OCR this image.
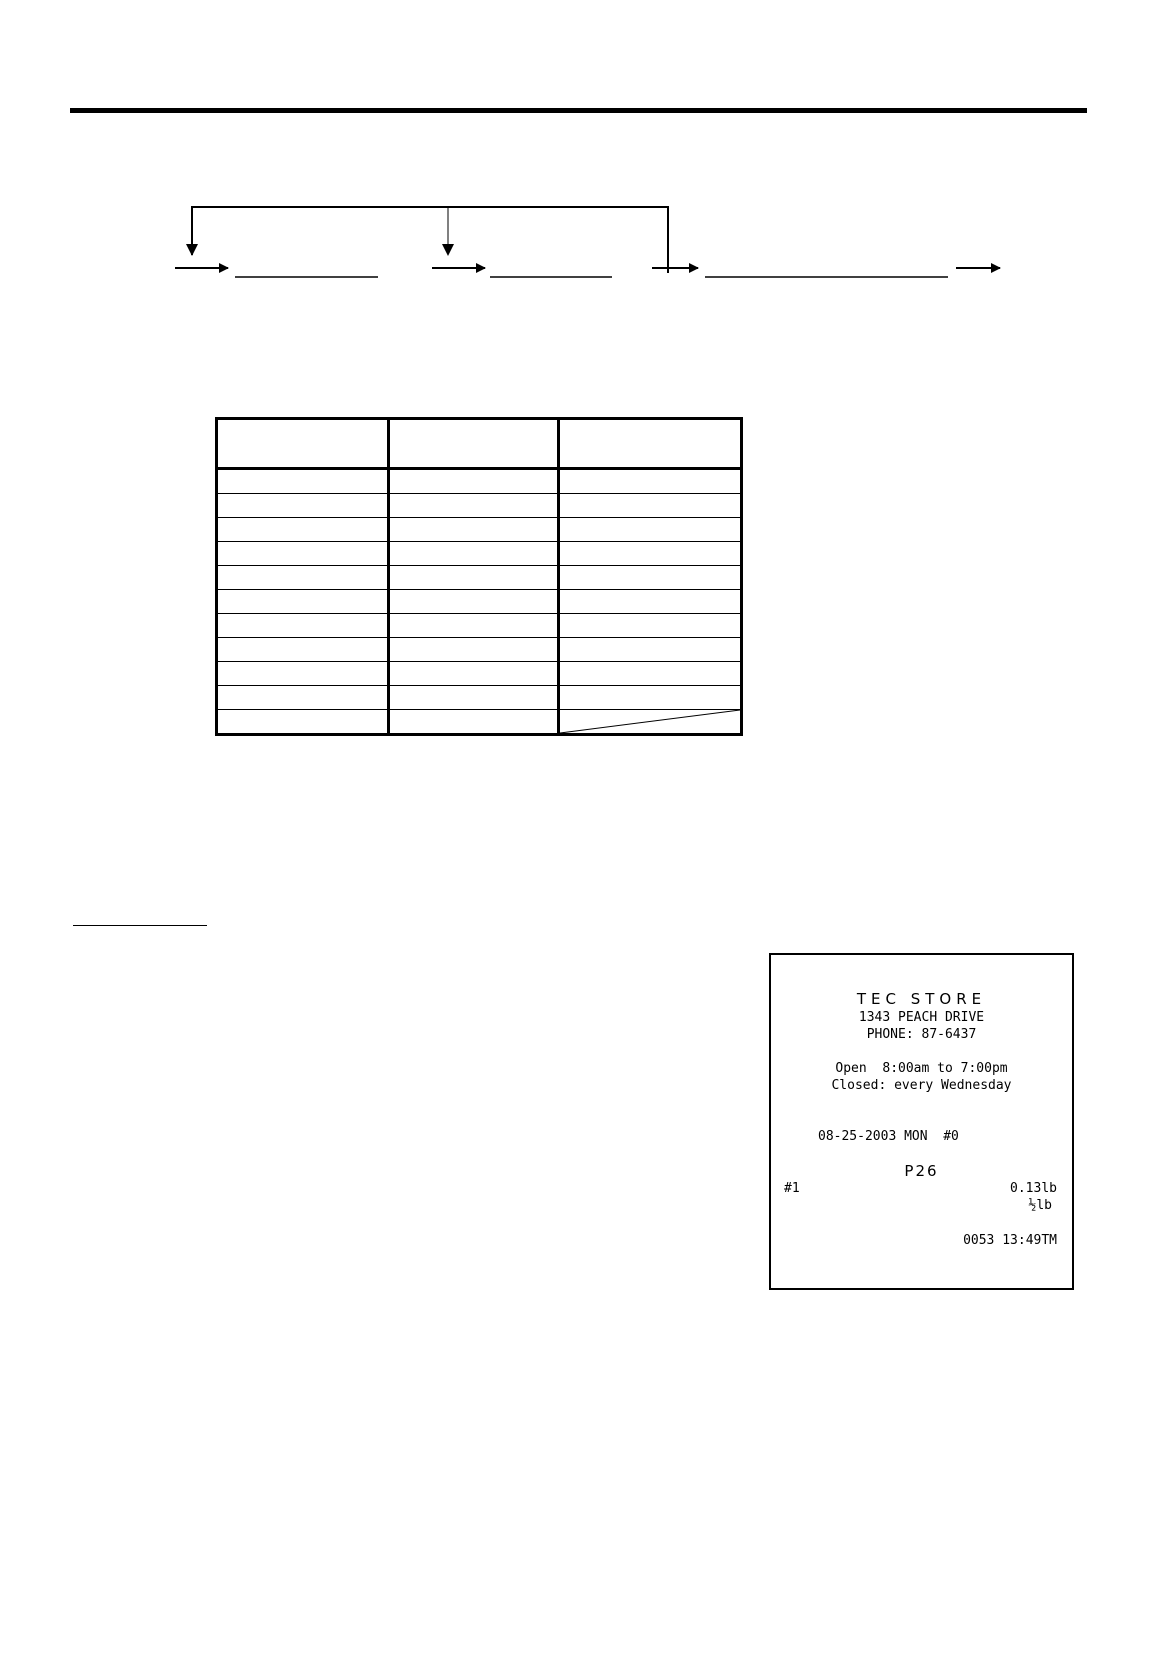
TEC STORE
1343 PEACH DRIVE
PHONE: 87-6437
Open  8:00am to 7:00pm
Closed: every Wednesday
08-25-2003 MON  #0
P26
#1	0.13lb
½lb
0053 13:49TM
